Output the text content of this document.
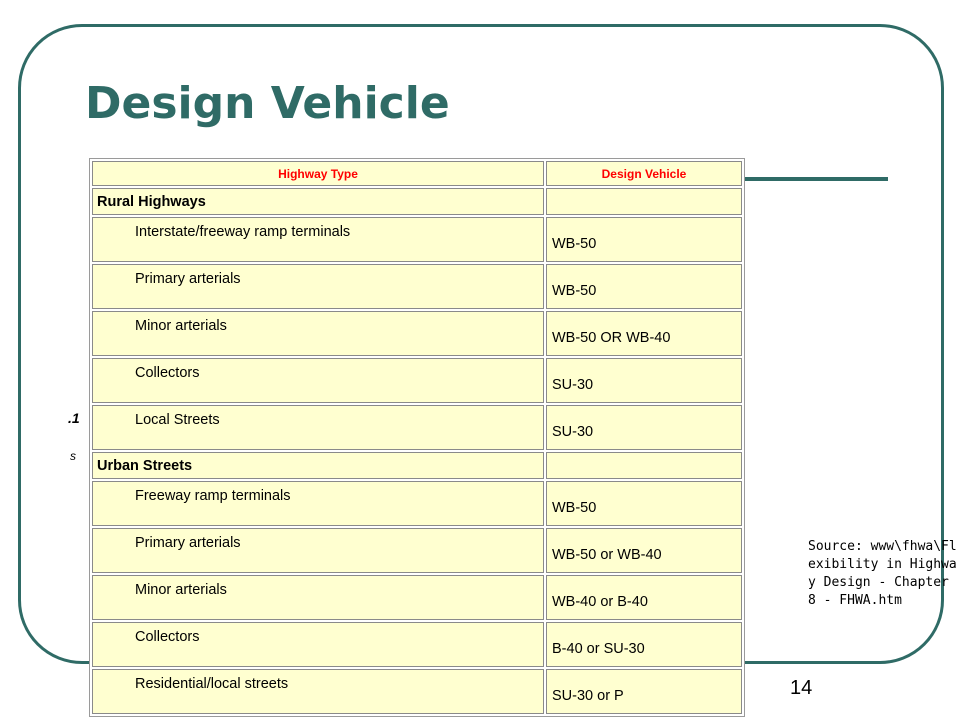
Design Vehicle
.1
s
Highway Type	Design Vehicle
Rural Highways	
Interstate/freeway ramp terminals	WB-50
Primary arterials	WB-50
Minor arterials	WB-50 OR WB-40
Collectors	SU-30
Local Streets	SU-30
Urban Streets	
Freeway ramp terminals	WB-50
Primary arterials	WB-50 or WB-40
Minor arterials	WB-40 or B-40
Collectors	B-40 or SU-30
Residential/local streets	SU-30 or P
Source: www\fhwa\Flexibility in Highway Design - Chapter 8 - FHWA.htm
14
